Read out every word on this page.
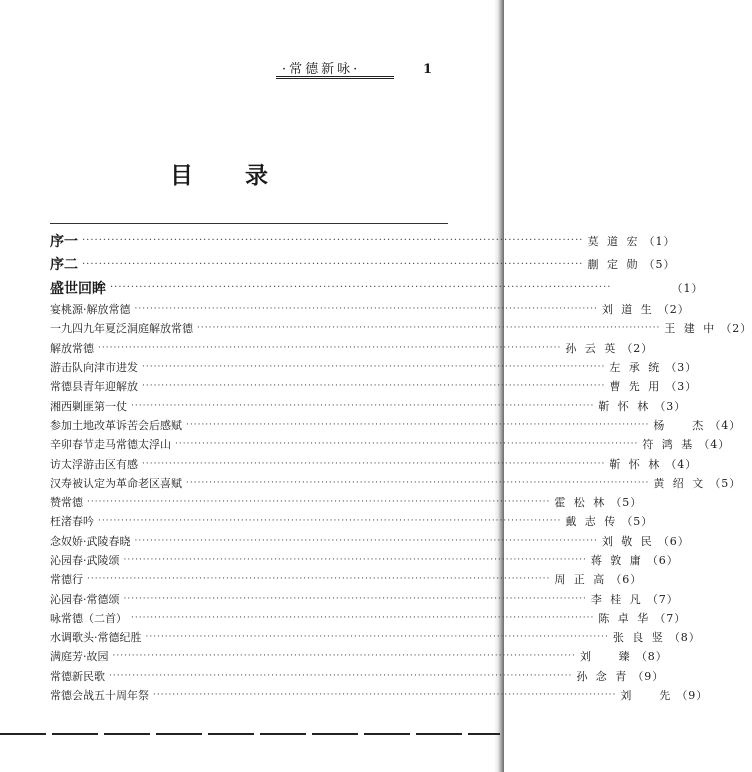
·常德新咏·	1
目录
序一 ························································································································ 莫道宏 （1）
序二 ························································································································ 蒯定勋 （5）
盛世回眸 ························································································································	（1）
宴桃源·解放常德 ························································································································ 刘道生 （2）
一九四九年夏泛洞庭解放常德 ························································································································ 王建中 （2）
解放常德 ························································································································ 孙云英 （2）
游击队向津市进发 ························································································································ 左承统 （3）
常德县青年迎解放 ························································································································ 曹先用 （3）
湘西剿匪第一仗 ························································································································ 靳怀林 （3）
参加土地改革诉苦会后感赋 ························································································································ 杨　杰 （4）
辛卯春节走马常德太浮山 ························································································································ 符鸿基 （4）
访太浮游击区有感 ························································································································ 靳怀林 （4）
汉寿被认定为革命老区喜赋 ························································································································ 黄绍文 （5）
赞常德 ························································································································ 霍松林 （5）
枉渚春吟 ························································································································ 戴志传 （5）
念奴娇·武陵春晓 ························································································································ 刘敬民 （6）
沁园春·武陵颂 ························································································································ 蒋敦庸 （6）
常德行 ························································································································ 周正高 （6）
沁园春·常德颂 ························································································································ 李桂凡 （7）
咏常德（二首） ························································································································ 陈卓华 （7）
水调歌头·常德纪胜 ························································································································ 张良竖 （8）
满庭芳·故园 ························································································································ 刘　臻 （8）
常德新民歌 ························································································································ 孙念青 （9）
常德会战五十周年祭 ························································································································ 刘　先 （9）
